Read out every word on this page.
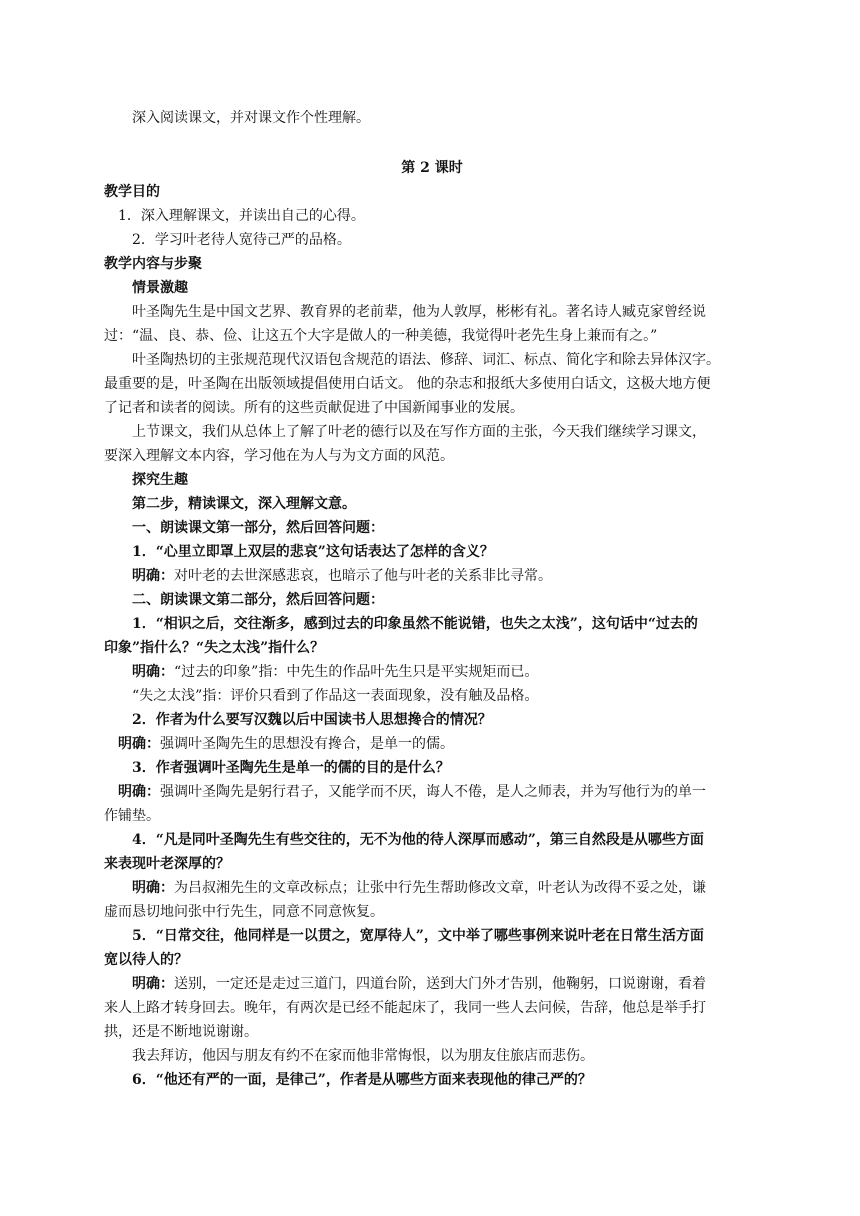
深入阅读课文，并对课文作个性理解。
第 2 课时
教学目的
1．深入理解课文，并读出自己的心得。
2．学习叶老待人宽待己严的品格。
教学内容与步聚
情景激趣
叶圣陶先生是中国文艺界、教育界的老前辈，他为人敦厚，彬彬有礼。著名诗人臧克家曾经说
过：“温、良、恭、俭、让这五个大字是做人的一种美德，我觉得叶老先生身上兼而有之。”
叶圣陶热切的主张规范现代汉语包含规范的语法、修辞、词汇、标点、简化字和除去异体汉字。
最重要的是，叶圣陶在出版领域提倡使用白话文。 他的杂志和报纸大多使用白话文，这极大地方便
了记者和读者的阅读。所有的这些贡献促进了中国新闻事业的发展。
上节课文，我们从总体上了解了叶老的德行以及在写作方面的主张，今天我们继续学习课文，
要深入理解文本内容，学习他在为人与为文方面的风范。
探究生趣
第二步，精读课文，深入理解文意。
一、朗读课文第一部分，然后回答问题：
1．“心里立即罩上双层的悲哀”这句话表达了怎样的含义？
明确：对叶老的去世深感悲哀，也暗示了他与叶老的关系非比寻常。
二、朗读课文第二部分，然后回答问题：
1．“相识之后，交往渐多，感到过去的印象虽然不能说错，也失之太浅”，这句话中“过去的
印象”指什么？“失之太浅”指什么？
明确：“过去的印象”指：中先生的作品叶先生只是平实规矩而已。
“失之太浅”指：评价只看到了作品这一表面现象，没有触及品格。
2．作者为什么要写汉魏以后中国读书人思想搀合的情况？
明确：强调叶圣陶先生的思想没有搀合，是单一的儒。
3．作者强调叶圣陶先生是单一的儒的目的是什么？
明确：强调叶圣陶先是躬行君子，又能学而不厌，诲人不倦，是人之师表，并为写他行为的单一
作铺垫。
4．“凡是同叶圣陶先生有些交往的，无不为他的待人深厚而感动”，第三自然段是从哪些方面
来表现叶老深厚的？
明确：为吕叔湘先生的文章改标点；让张中行先生帮助修改文章，叶老认为改得不妥之处，谦
虚而恳切地问张中行先生，同意不同意恢复。
5．“日常交往，他同样是一以贯之，宽厚待人”，文中举了哪些事例来说叶老在日常生活方面
宽以待人的？
明确：送别，一定还是走过三道门，四道台阶，送到大门外才告别，他鞠躬，口说谢谢，看着
来人上路才转身回去。晚年，有两次是已经不能起床了，我同一些人去问候，告辞，他总是举手打
拱，还是不断地说谢谢。
我去拜访，他因与朋友有约不在家而他非常悔恨，以为朋友住旅店而悲伤。
6．“他还有严的一面，是律己”，作者是从哪些方面来表现他的律己严的？
